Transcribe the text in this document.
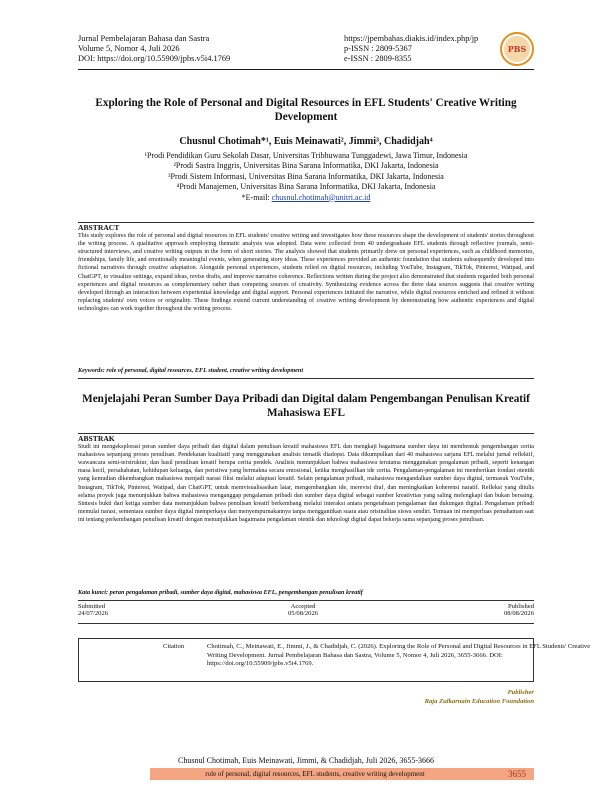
Jurnal Pembelajaran Bahasa dan Sastra
Volume 5, Nomor 4, Juli 2026
DOI: https://doi.org/10.55909/jpbs.v5i4.1769
https://jpembahas.diakis.id/index.php/jp
p-ISSN : 2809-5367
e-ISSN : 2809-8355
PBS
Exploring the Role of Personal and Digital Resources in EFL Students' Creative Writing Development
Chusnul Chotimah*¹, Euis Meinawati², Jimmi³, Chadidjah⁴
¹Prodi Pendidikan Guru Sekolah Dasar, Universitas Tribhuwana Tunggadewi, Jawa Timur, Indonesia
²Prodi Sastra Inggris, Universitas Bina Sarana Informatika, DKI Jakarta, Indonesia
³Prodi Sistem Informasi, Universitas Bina Sarana Informatika, DKI Jakarta, Indonesia
⁴Prodi Manajemen, Universitas Bina Sarana Informatika, DKI Jakarta, Indonesia
*E-mail: chusnul.chotimah@unitri.ac.id
ABSTRACT
This study explores the role of personal and digital resources in EFL students' creative writing and investigates how these resources shape the development of students' stories throughout the writing process. A qualitative approach employing thematic analysis was adopted. Data were collected from 40 undergraduate EFL students through reflective journals, semi-structured interviews, and creative writing outputs in the form of short stories. The analysis showed that students primarily drew on personal experiences, such as childhood memories, friendships, family life, and emotionally meaningful events, when generating story ideas. These experiences provided an authentic foundation that students subsequently developed into fictional narratives through creative adaptation. Alongside personal experiences, students relied on digital resources, including YouTube, Instagram, TikTok, Pinterest, Wattpad, and ChatGPT, to visualize settings, expand ideas, revise drafts, and improve narrative coherence. Reflections written during the project also demonstrated that students regarded both personal experiences and digital resources as complementary rather than competing sources of creativity. Synthesizing evidence across the three data sources suggests that creative writing developed through an interaction between experiential knowledge and digital support. Personal experiences initiated the narrative, while digital resources enriched and refined it without replacing students' own voices or originality. These findings extend current understanding of creative writing development by demonstrating how authentic experiences and digital technologies can work together throughout the writing process.
Keywords: role of personal, digital resources, EFL student, creative writing development
Menjelajahi Peran Sumber Daya Pribadi dan Digital dalam Pengembangan Penulisan Kreatif Mahasiswa EFL
ABSTRAK
Studi ini mengeksplorasi peran sumber daya pribadi dan digital dalam penulisan kreatif mahasiswa EFL dan mengkaji bagaimana sumber daya ini membentuk pengembangan cerita mahasiswa sepanjang proses penulisan. Pendekatan kualitatif yang menggunakan analisis tematik diadopsi. Data dikumpulkan dari 40 mahasiswa sarjana EFL melalui jurnal reflektif, wawancara semi-terstruktur, dan hasil penulisan kreatif berupa cerita pendek. Analisis menunjukkan bahwa mahasiswa terutama menggunakan pengalaman pribadi, seperti kenangan masa kecil, persahabatan, kehidupan keluarga, dan peristiwa yang bermakna secara emosional, ketika menghasilkan ide cerita. Pengalaman-pengalaman ini memberikan fondasi otentik yang kemudian dikembangkan mahasiswa menjadi narasi fiksi melalui adaptasi kreatif. Selain pengalaman pribadi, mahasiswa mengandalkan sumber daya digital, termasuk YouTube, Instagram, TikTok, Pinterest, Wattpad, dan ChatGPT, untuk memvisualisasikan latar, mengembangkan ide, merevisi draf, dan meningkatkan koherensi naratif. Refleksi yang ditulis selama proyek juga menunjukkan bahwa mahasiswa menganggap pengalaman pribadi dan sumber daya digital sebagai sumber kreativitas yang saling melengkapi dan bukan bersaing. Sintesis bukti dari ketiga sumber data menunjukkan bahwa penulisan kreatif berkembang melalui interaksi antara pengetahuan pengalaman dan dukungan digital. Pengalaman pribadi memulai narasi, sementara sumber daya digital memperkaya dan menyempurnakannya tanpa menggantikan suara atau orisinalitas siswa sendiri. Temuan ini memperluas pemahaman saat ini tentang perkembangan penulisan kreatif dengan menunjukkan bagaimana pengalaman otentik dan teknologi digital dapat bekerja sama sepanjang proses penulisan.
Kata kunci: peran pengalaman pribadi, sumber daya digital, mahasiswa EFL, pengembangan penulisan kreatif
Submitted
24/07/2026
Accepted
05/08/2026
Published
08/08/2026
Citation	Chotimah, C., Meinawati, E., Jimmi, J., & Chadidjah, C. (2026). Exploring the Role of Personal and Digital Resources in EFL Students' Creative Writing Development. Jurnal Pembelajaran Bahasa dan Sastra, Volume 5, Nomor 4, Juli 2026, 3655-3666. DOI: https://doi.org/10.55909/jpbs.v5i4.1769.
Publisher
Raja Zulkarnain Education Foundation
Chusnul Chotimah, Euis Meinawati, Jimmi, & Chadidjah, Juli 2026, 3655-3666
role of personal, digital resources, EFL students, creative writing development	3655
